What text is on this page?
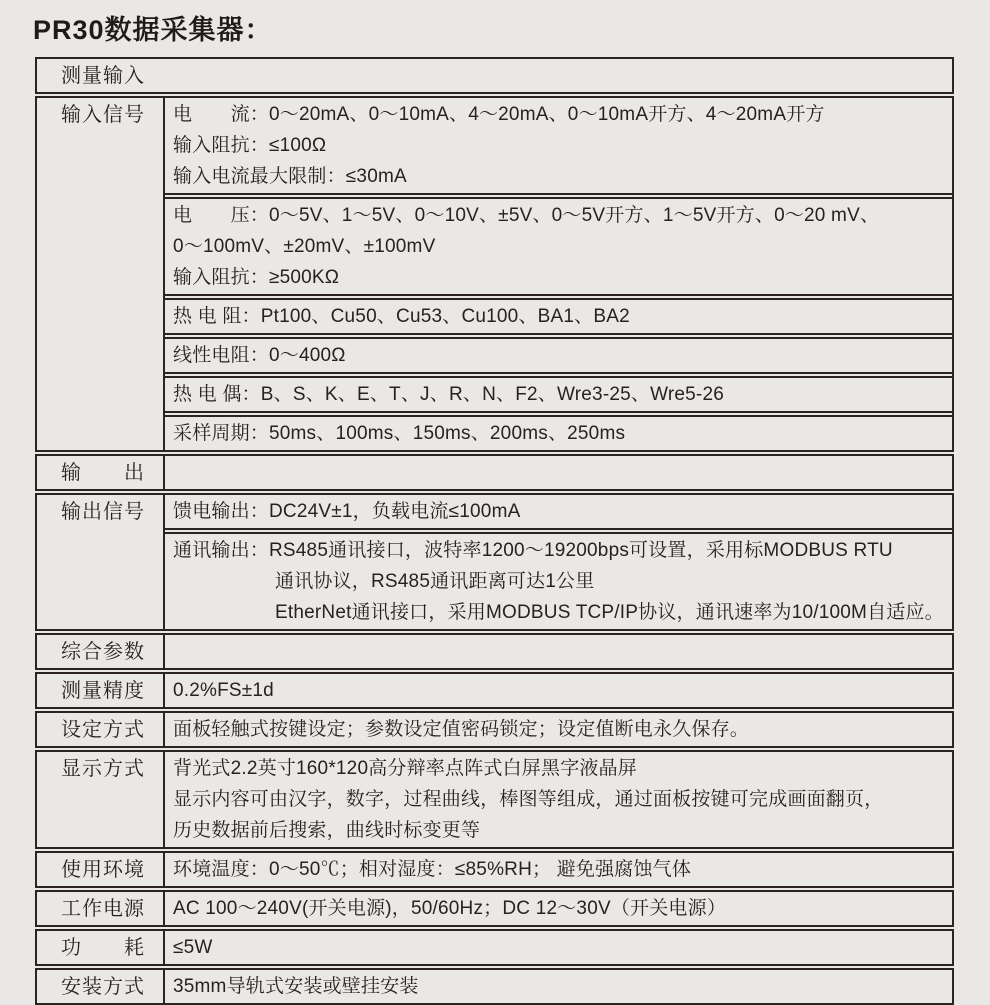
PR30数据采集器：
测量输入
输入信号	电　　流：0～20mA、0～10mA、4～20mA、0～10mA开方、4～20mA开方
输入阻抗：≤100Ω
输入电流最大限制：≤30mA
电　　压：0～5V、1～5V、0～10V、±5V、0～5V开方、1～5V开方、0～20 mV、
0～100mV、±20mV、±100mV
输入阻抗：≥500KΩ
热 电 阻：Pt100、Cu50、Cu53、Cu100、BA1、BA2
线性电阻：0～400Ω
热 电 偶：B、S、K、E、T、J、R、N、F2、Wre3-25、Wre5-26
采样周期：50ms、100ms、150ms、200ms、250ms
输　　出
输出信号	馈电输出：DC24V±1，负载电流≤100mA
通讯输出：RS485通讯接口，波特率1200～19200bps可设置，采用标MODBUS RTU
通讯协议，RS485通讯距离可达1公里
EtherNet通讯接口，采用MODBUS TCP/IP协议，通讯速率为10/100M自适应。
综合参数
测量精度	0.2%FS±1d
设定方式	面板轻触式按键设定；参数设定值密码锁定；设定值断电永久保存。
显示方式	背光式2.2英寸160*120高分辩率点阵式白屏黑字液晶屏
显示内容可由汉字，数字，过程曲线，棒图等组成，通过面板按键可完成画面翻页，
历史数据前后搜索，曲线时标变更等
使用环境	环境温度：0～50℃；相对湿度：≤85%RH； 避免强腐蚀气体
工作电源	AC 100～240V(开关电源)，50/60Hz；DC 12～30V（开关电源）
功　　耗	≤5W
安装方式	35mm导轨式安装或壁挂安装
